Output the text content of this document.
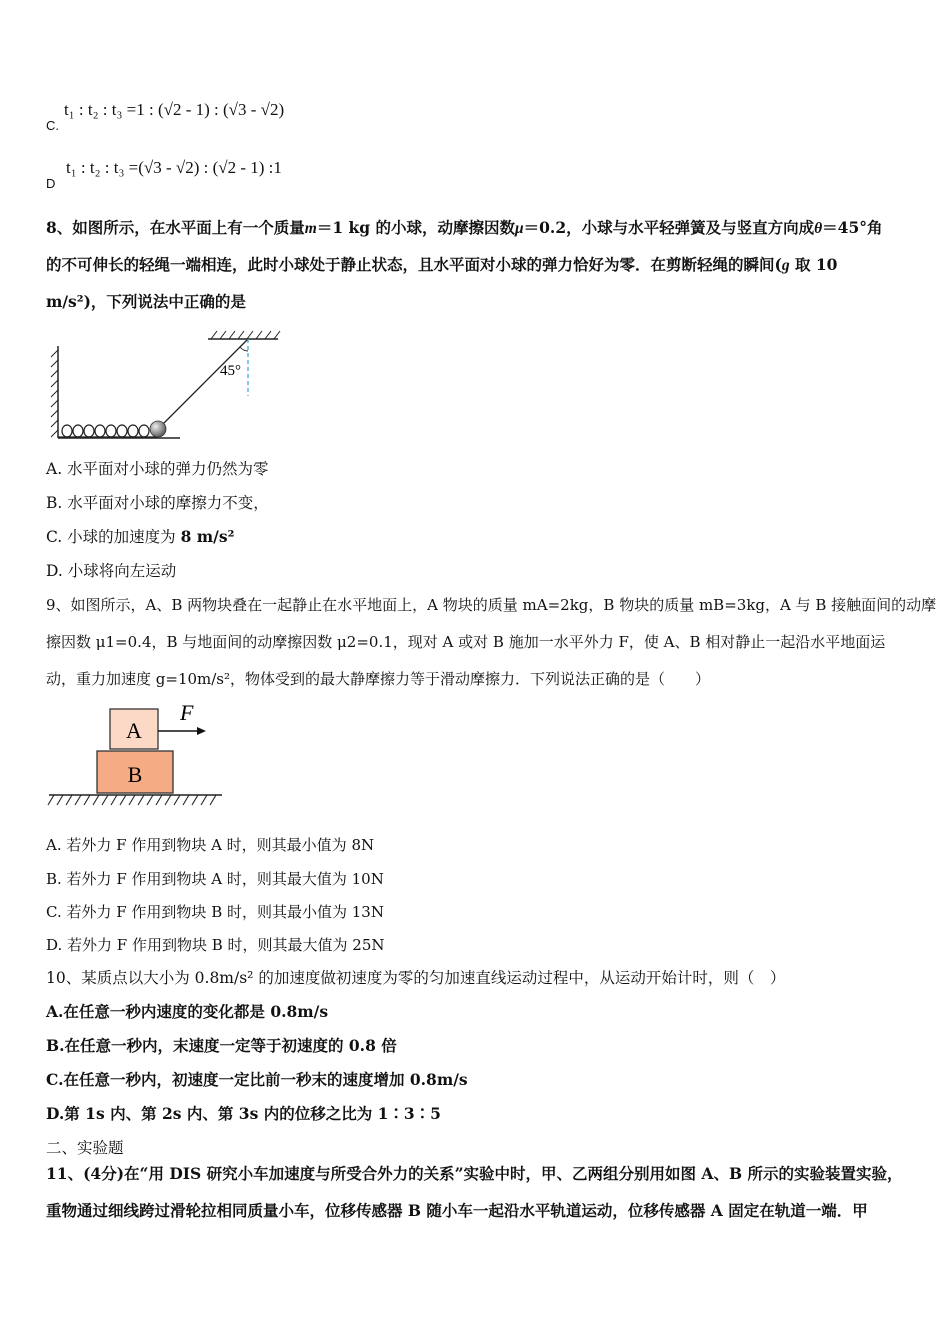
C.
t₁ : t₂ : t₃ =1 : (√2 - 1) : (√3 - √2)
D
t₁ : t₂ : t₃ =(√3 - √2) : (√2 - 1) :1
8、如图所示，在水平面上有一个质量m＝1 kg 的小球，动摩擦因数μ＝0.2，小球与水平轻弹簧及与竖直方向成θ＝45°角
的不可伸长的轻绳一端相连，此时小球处于静止状态，且水平面对小球的弹力恰好为零．在剪断轻绳的瞬间(g 取 10
m/s²)，下列说法中正确的是
45°
A. 水平面对小球的弹力仍然为零
B. 水平面对小球的摩擦力不变，
C. 小球的加速度为 8 m/s²
D. 小球将向左运动
9、如图所示，A、B 两物块叠在一起静止在水平地面上，A 物块的质量 mA=2kg，B 物块的质量 mB=3kg，A 与 B 接触面间的动摩
擦因数 μ1=0.4，B 与地面间的动摩擦因数 μ2=0.1，现对 A 或对 B 施加一水平外力 F，使 A、B 相对静止一起沿水平地面运
动，重力加速度 g=10m/s²，物体受到的最大静摩擦力等于滑动摩擦力．下列说法正确的是（　　）
A
F
B
A. 若外力 F 作用到物块 A 时，则其最小值为 8N
B. 若外力 F 作用到物块 A 时，则其最大值为 10N
C. 若外力 F 作用到物块 B 时，则其最小值为 13N
D. 若外力 F 作用到物块 B 时，则其最大值为 25N
10、某质点以大小为 0.8m/s² 的加速度做初速度为零的匀加速直线运动过程中，从运动开始计时，则（　）
A.在任意一秒内速度的变化都是 0.8m/s
B.在任意一秒内，末速度一定等于初速度的 0.8 倍
C.在任意一秒内，初速度一定比前一秒末的速度增加 0.8m/s
D.第 1s 内、第 2s 内、第 3s 内的位移之比为 1∶3∶5
二、实验题
11、(4分)在“用 DIS 研究小车加速度与所受合外力的关系”实验中时，甲、乙两组分别用如图 A、B 所示的实验装置实验，
重物通过细线跨过滑轮拉相同质量小车，位移传感器 B 随小车一起沿水平轨道运动，位移传感器 A 固定在轨道一端．甲
